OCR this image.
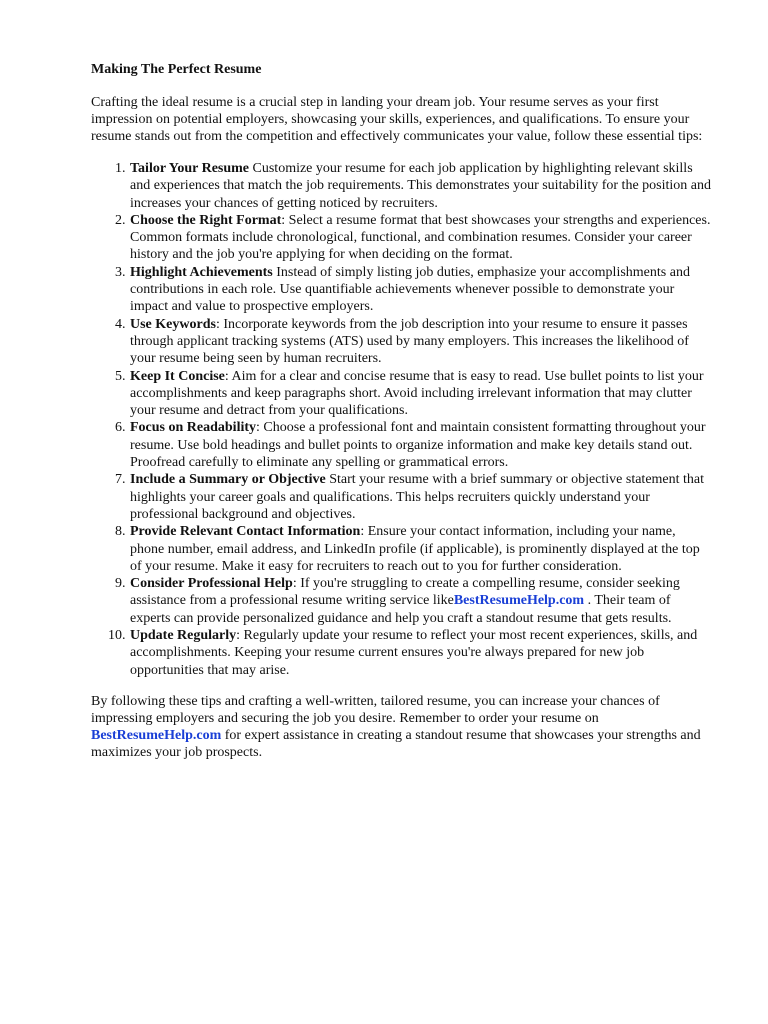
Making The Perfect Resume

Crafting the ideal resume is a crucial step in landing your dream job. Your resume serves as your first impression on potential employers, showcasing your skills, experiences, and qualifications. To ensure your resume stands out from the competition and effectively communicates your value, follow these essential tips:

1. Tailor Your Resume Customize your resume for each job application by highlighting relevant skills and experiences that match the job requirements. This demonstrates your suitability for the position and increases your chances of getting noticed by recruiters.
2. Choose the Right Format: Select a resume format that best showcases your strengths and experiences. Common formats include chronological, functional, and combination resumes. Consider your career history and the job you're applying for when deciding on the format.
3. Highlight Achievements Instead of simply listing job duties, emphasize your accomplishments and contributions in each role. Use quantifiable achievements whenever possible to demonstrate your impact and value to prospective employers.
4. Use Keywords: Incorporate keywords from the job description into your resume to ensure it passes through applicant tracking systems (ATS) used by many employers. This increases the likelihood of your resume being seen by human recruiters.
5. Keep It Concise: Aim for a clear and concise resume that is easy to read. Use bullet points to list your accomplishments and keep paragraphs short. Avoid including irrelevant information that may clutter your resume and detract from your qualifications.
6. Focus on Readability: Choose a professional font and maintain consistent formatting throughout your resume. Use bold headings and bullet points to organize information and make key details stand out. Proofread carefully to eliminate any spelling or grammatical errors.
7. Include a Summary or Objective Start your resume with a brief summary or objective statement that highlights your career goals and qualifications. This helps recruiters quickly understand your professional background and objectives.
8. Provide Relevant Contact Information: Ensure your contact information, including your name, phone number, email address, and LinkedIn profile (if applicable), is prominently displayed at the top of your resume. Make it easy for recruiters to reach out to you for further consideration.
9. Consider Professional Help: If you're struggling to create a compelling resume, consider seeking assistance from a professional resume writing service likeBestResumeHelp.com . Their team of experts can provide personalized guidance and help you craft a standout resume that gets results.
10. Update Regularly: Regularly update your resume to reflect your most recent experiences, skills, and accomplishments. Keeping your resume current ensures you're always prepared for new job opportunities that may arise.

By following these tips and crafting a well-written, tailored resume, you can increase your chances of impressing employers and securing the job you desire. Remember to order your resume on BestResumeHelp.com for expert assistance in creating a standout resume that showcases your strengths and maximizes your job prospects.
